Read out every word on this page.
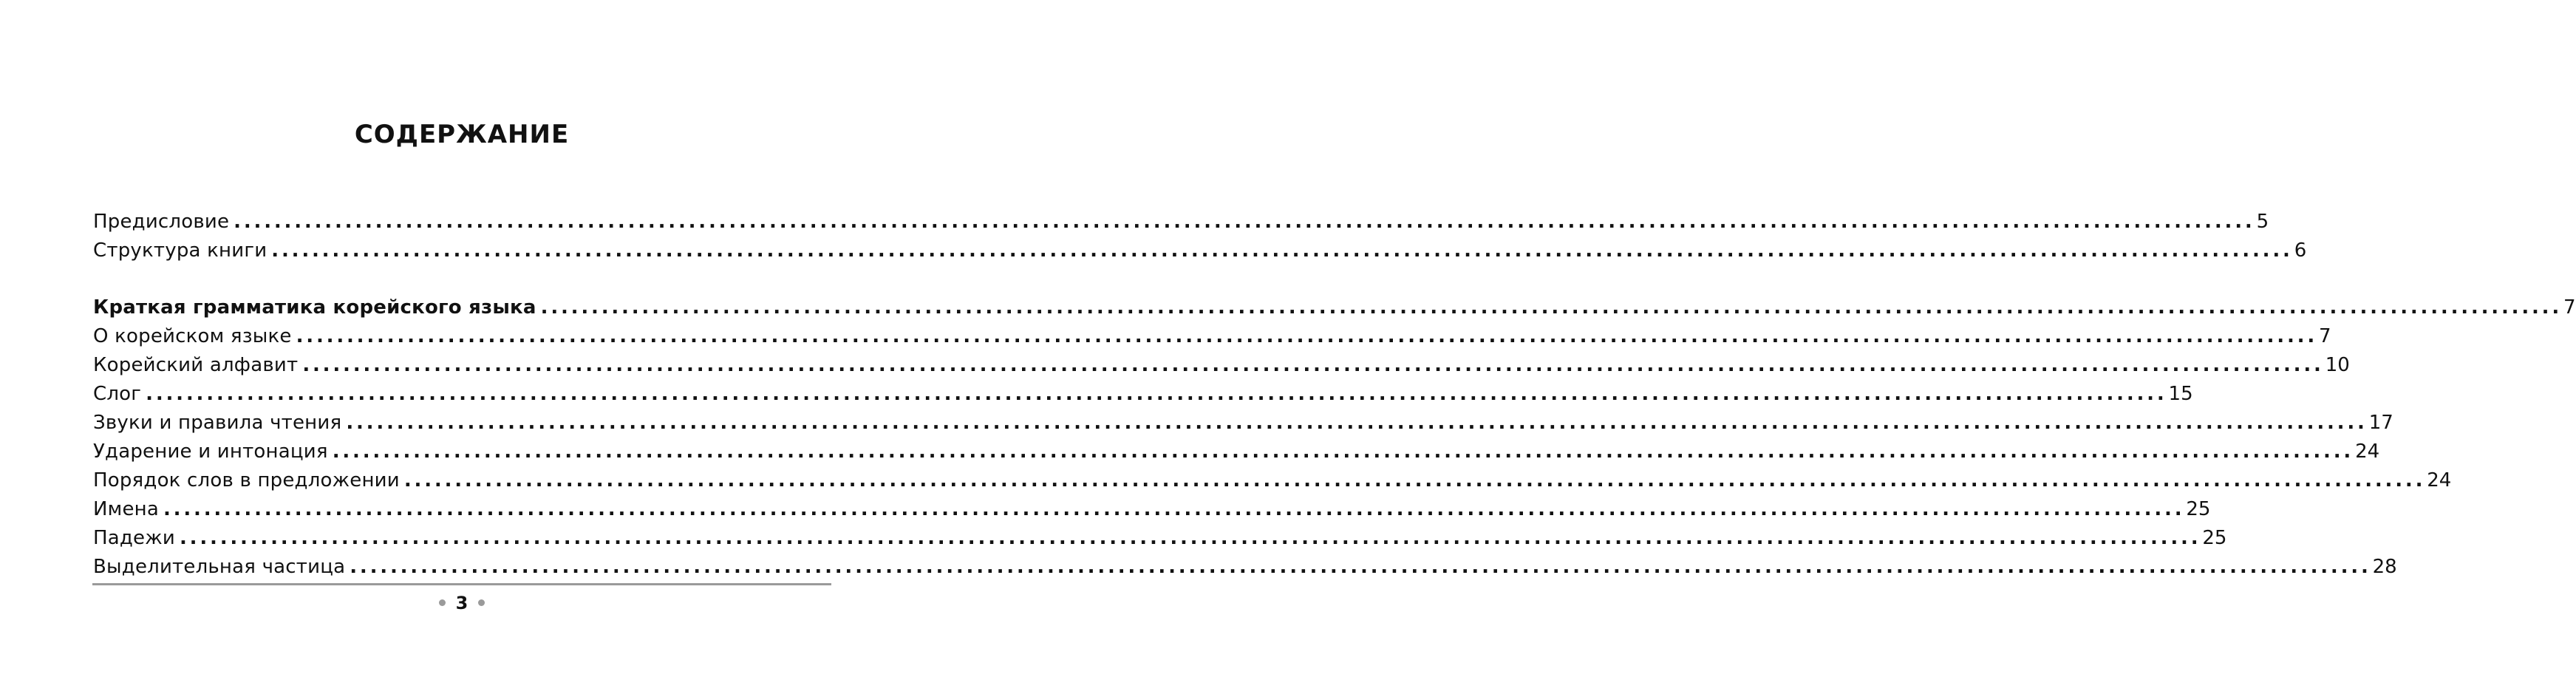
СОДЕРЖАНИЕ
Предисловие ........................................................................................................................................................................................................ 5
Структура книги ........................................................................................................................................................................................................ 6
Краткая грамматика корейского языка ........................................................................................................................................................................................................ 7
О корейском языке ........................................................................................................................................................................................................ 7
Корейский алфавит ........................................................................................................................................................................................................ 10
Слог ........................................................................................................................................................................................................ 15
Звуки и правила чтения ........................................................................................................................................................................................................ 17
Ударение и интонация ........................................................................................................................................................................................................ 24
Порядок слов в предложении ........................................................................................................................................................................................................ 24
Имена ........................................................................................................................................................................................................ 25
Падежи ........................................................................................................................................................................................................ 25
Выделительная частица ........................................................................................................................................................................................................ 28
3
